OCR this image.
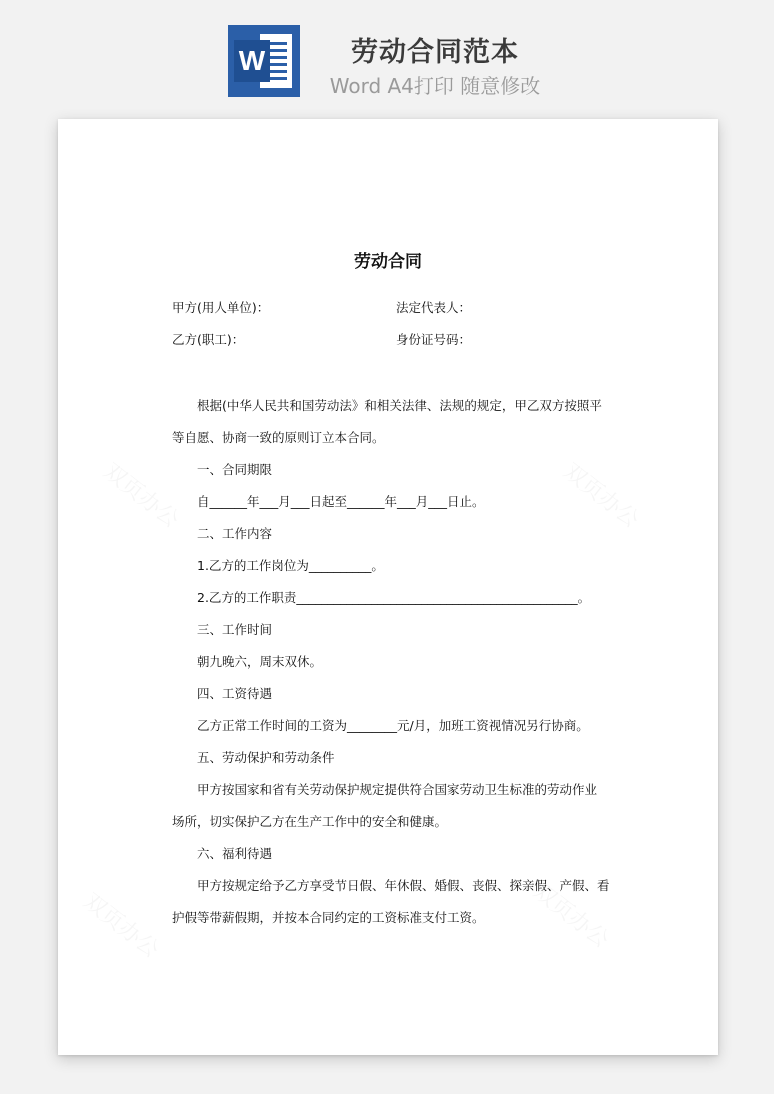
W	劳动合同范本
Word A4打印 随意修改
劳动合同
甲方(用人单位)：	法定代表人：
乙方(职工)：	身份证号码：
根据(中华人民共和国劳动法》和相关法律、法规的规定，甲乙双方按照平
等自愿、协商一致的原则订立本合同。
一、合同期限
自______年___月___日起至______年___月___日止。
二、工作内容
1.乙方的工作岗位为__________。
2.乙方的工作职责_____________________________________________。
三、工作时间
朝九晚六，周末双休。
四、工资待遇
乙方正常工作时间的工资为________元/月，加班工资视情况另行协商。
五、劳动保护和劳动条件
甲方按国家和省有关劳动保护规定提供符合国家劳动卫生标准的劳动作业
场所，切实保护乙方在生产工作中的安全和健康。
六、福利待遇
甲方按规定给予乙方享受节日假、年休假、婚假、丧假、探亲假、产假、看
护假等带薪假期，并按本合同约定的工资标准支付工资。
